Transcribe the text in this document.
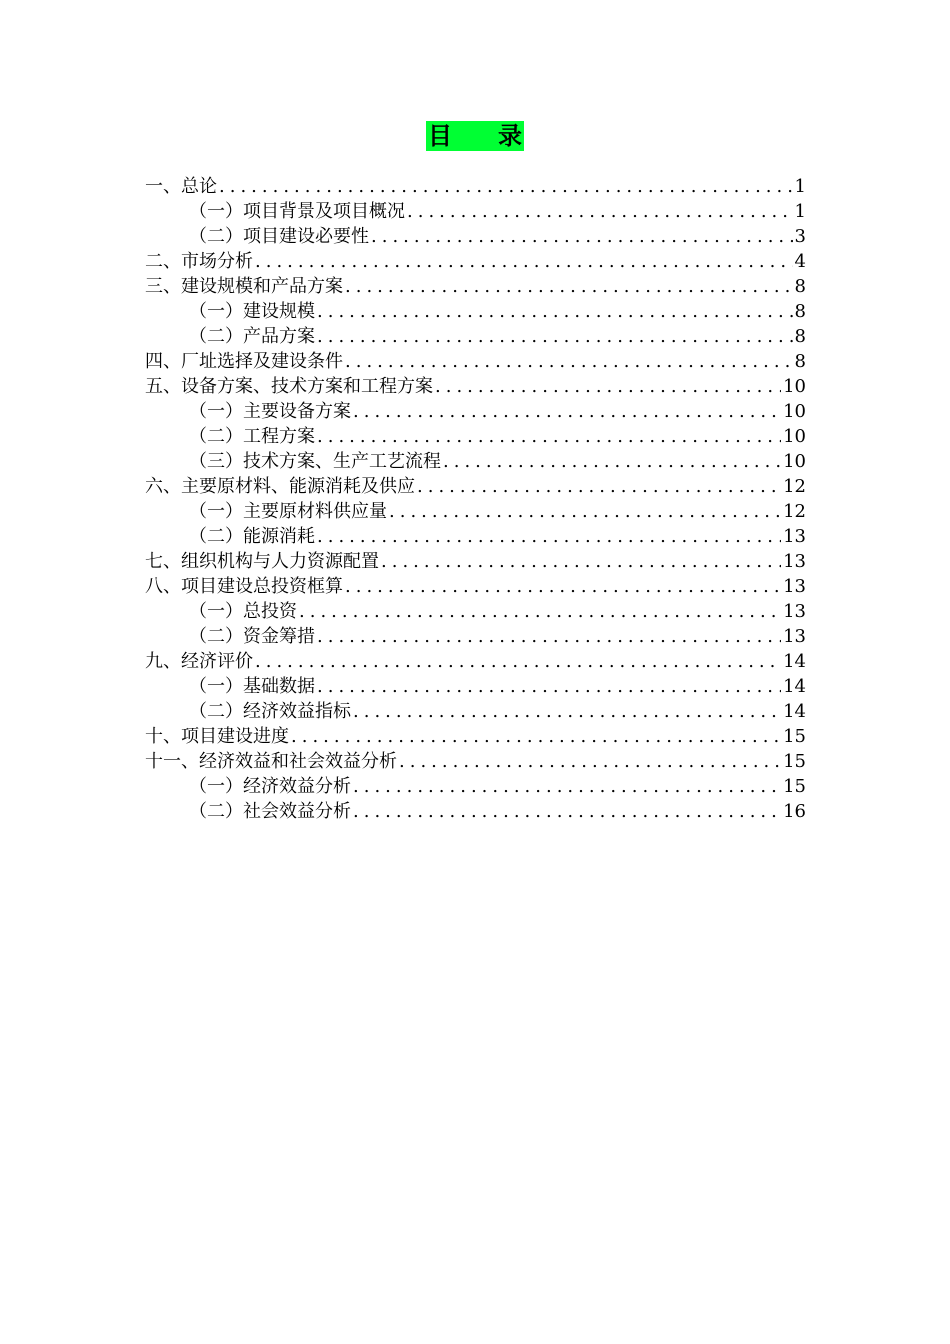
目 录
一、总论 .....	1
（一）项目背景及项目概况 .....	1
（二）项目建设必要性 .....	3
二、市场分析 .....	4
三、建设规模和产品方案 .....	8
（一）建设规模 .....	8
（二）产品方案 .....	8
四、厂址选择及建设条件 .....	8
五、设备方案、技术方案和工程方案 .....	10
（一）主要设备方案 .....	10
（二）工程方案 .....	10
（三）技术方案、生产工艺流程 .....	10
六、主要原材料、能源消耗及供应 .....	12
（一）主要原材料供应量 .....	12
（二）能源消耗 .....	13
七、组织机构与人力资源配置 .....	13
八、项目建设总投资框算 .....	13
（一）总投资 .....	13
（二）资金筹措 .....	13
九、经济评价 .....	14
（一）基础数据 .....	14
（二）经济效益指标 .....	14
十、项目建设进度 .....	15
十一、经济效益和社会效益分析 .....	15
（一）经济效益分析 .....	15
（二）社会效益分析 .....	16
